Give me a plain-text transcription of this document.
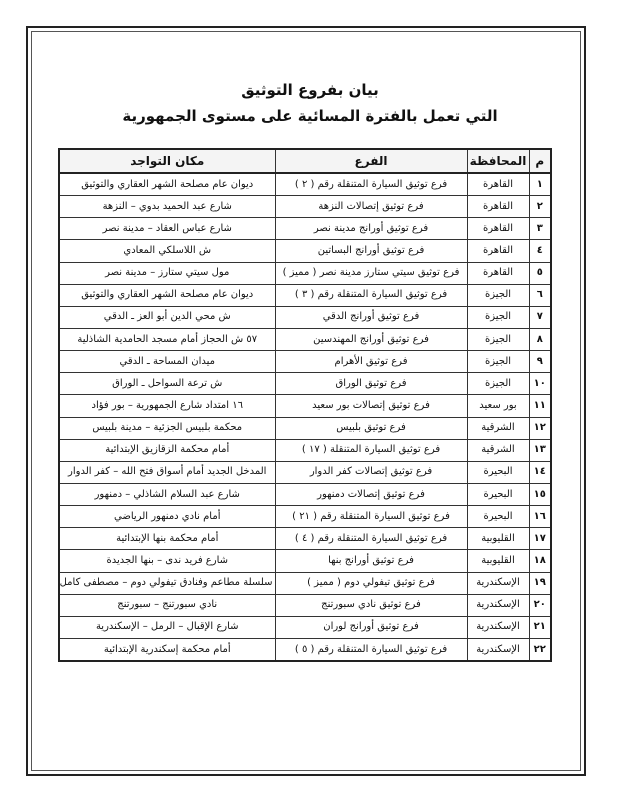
بيان بفروع التوثيق

التي تعمل بالفترة المسائية على مستوى الجمهورية

م	المحافظة	الفرع	مكان التواجد
١	القاهرة	فرع توثيق السيارة المتنقلة رقم ( ٢ )	ديوان عام مصلحة الشهر العقاري والتوثيق
٢	القاهرة	فرع توثيق إتصالات النزهة	شارع عبد الحميد بدوي – النزهة
٣	القاهرة	فرع توثيق أورانج مدينة نصر	شارع عباس العقاد – مدينة نصر
٤	القاهرة	فرع توثيق أورانج البساتين	ش اللاسلكي المعادي
٥	القاهرة	فرع توثيق سيتي ستارز مدينة نصر ( مميز )	مول سيتي ستارز – مدينة نصر
٦	الجيزة	فرع توثيق السيارة المتنقلة رقم ( ٣ )	ديوان عام مصلحة الشهر العقاري والتوثيق
٧	الجيزة	فرع توثيق أورانج الدقي	ش محي الدين أبو العز ـ الدقي
٨	الجيزة	فرع توثيق أورانج المهندسين	٥٧ ش الحجاز أمام مسجد الحامدية الشاذلية
٩	الجيزة	فرع توثيق الأهرام	ميدان المساحة ـ الدقي
١٠	الجيزة	فرع توثيق الوراق	ش ترعة السواحل ـ الوراق
١١	بور سعيد	فرع توثيق إتصالات بور سعيد	١٦ امتداد شارع الجمهورية – بور فؤاد
١٢	الشرقية	فرع توثيق بلبيس	محكمة بلبيس الجزئية – مدينة بلبيس
١٣	الشرقية	فرع توثيق السيارة المتنقلة ( ١٧ )	أمام محكمة الزقازيق الإبتدائية
١٤	البحيرة	فرع توثيق إتصالات كفر الدوار	المدخل الجديد أمام أسواق فتح الله – كفر الدوار
١٥	البحيرة	فرع توثيق إتصالات دمنهور	شارع عبد السلام الشاذلي – دمنهور
١٦	البحيرة	فرع توثيق السيارة المتنقلة رقم ( ٢١ )	أمام نادي دمنهور الرياضي
١٧	القليوبية	فرع توثيق السيارة المتنقلة رقم ( ٤ )	أمام محكمة بنها الإبتدائية
١٨	القليوبية	فرع توثيق أورانج بنها	شارع فريد ندى – بنها الجديدة
١٩	الإسكندرية	فرع توثيق تيفولي دوم ( مميز )	سلسلة مطاعم وفنادق تيفولي دوم – مصطفى كامل
٢٠	الإسكندرية	فرع توثيق نادي سبورتنج	نادي سبورتنج – سبورتنج
٢١	الإسكندرية	فرع توثيق أورانج لوران	شارع الإقبال – الرمل – الإسكندرية
٢٢	الإسكندرية	فرع توثيق السيارة المتنقلة رقم ( ٥ )	أمام محكمة إسكندرية الإبتدائية
